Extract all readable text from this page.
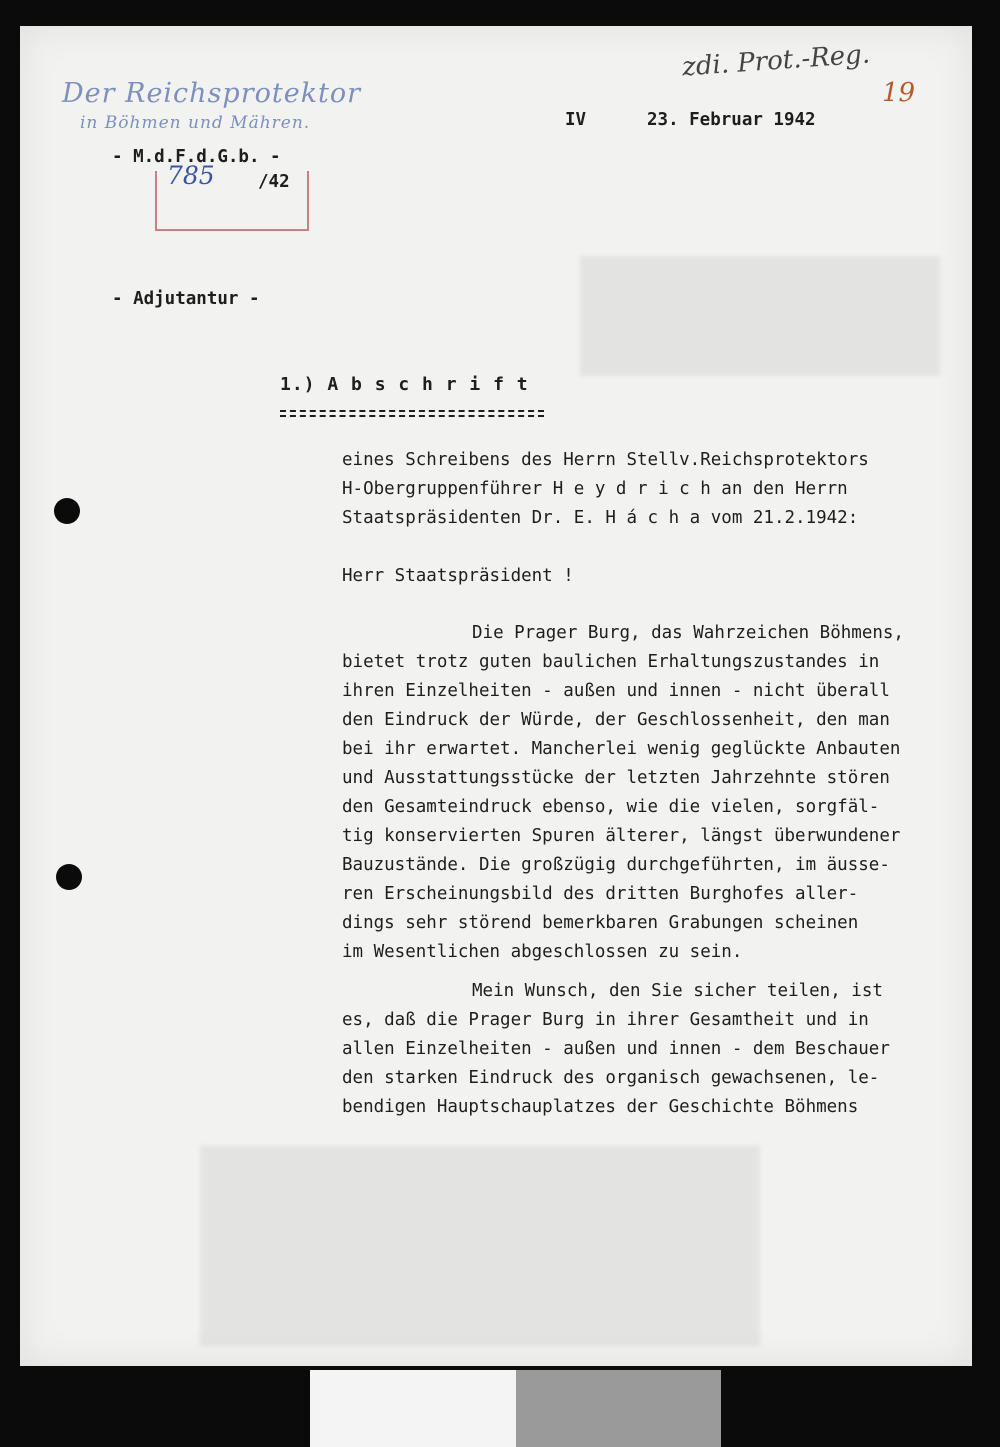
Der Reichsprotektor
in Böhmen und Mähren.
zdi. Prot.-Reg.
19
IV	23. Februar 1942
- M.d.F.d.G.b. -
785 /42
- Adjutantur -
1.) A b s c h r i f t
eines Schreibens des Herrn Stellv.Reichsprotektors
H-Obergruppenführer H e y d r i c h an den Herrn
Staatspräsidenten Dr. E. H á c h a vom 21.2.1942:
Herr Staatspräsident !
Die Prager Burg, das Wahrzeichen Böhmens,
bietet trotz guten baulichen Erhaltungszustandes in
ihren Einzelheiten - außen und innen - nicht überall
den Eindruck der Würde, der Geschlossenheit, den man
bei ihr erwartet. Mancherlei wenig geglückte Anbauten
und Ausstattungsstücke der letzten Jahrzehnte stören
den Gesamteindruck ebenso, wie die vielen, sorgfäl-
tig konservierten Spuren älterer, längst überwundener
Bauzustände. Die großzügig durchgeführten, im äusse-
ren Erscheinungsbild des dritten Burghofes aller-
dings sehr störend bemerkbaren Grabungen scheinen
im Wesentlichen abgeschlossen zu sein.
Mein Wunsch, den Sie sicher teilen, ist
es, daß die Prager Burg in ihrer Gesamtheit und in
allen Einzelheiten - außen und innen - dem Beschauer
den starken Eindruck des organisch gewachsenen, le-
bendigen Hauptschauplatzes der Geschichte Böhmens
